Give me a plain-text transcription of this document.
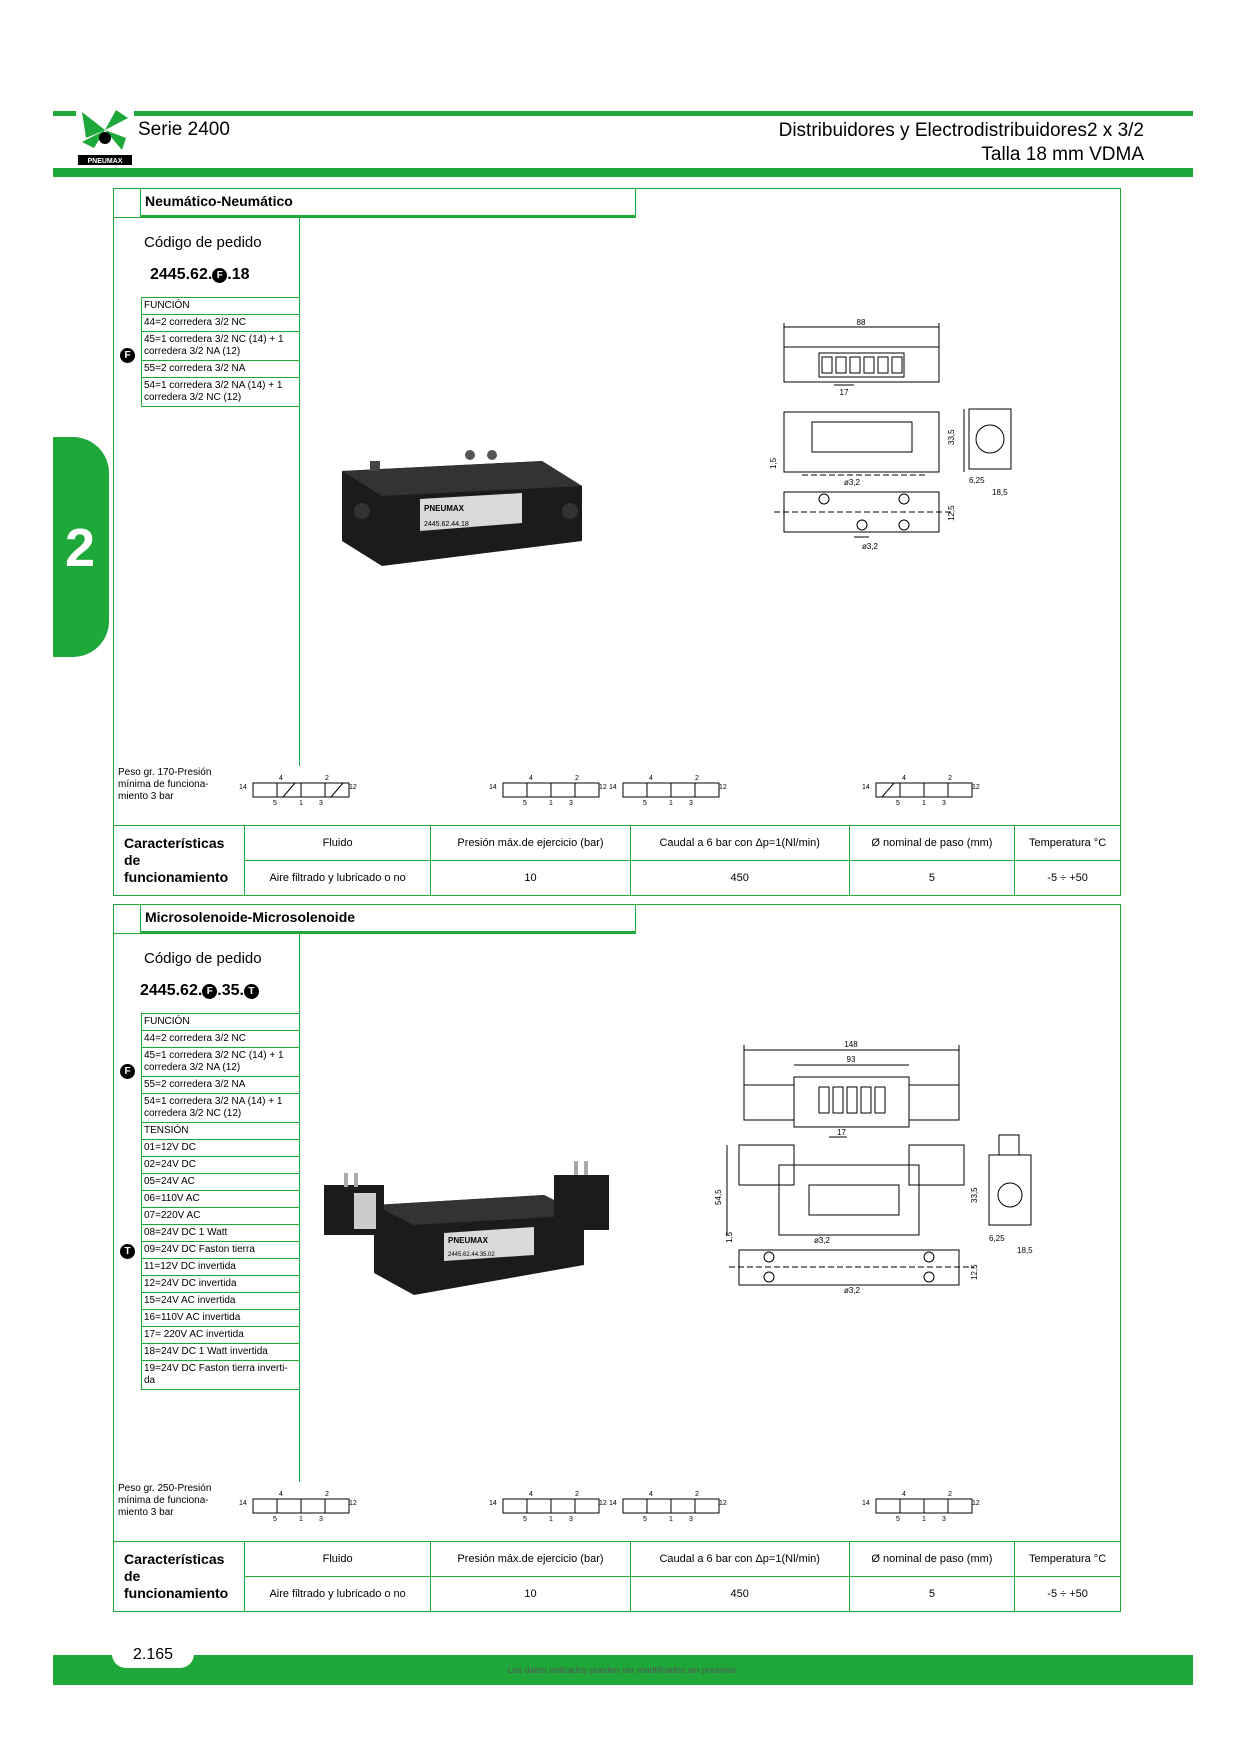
PNEUMAX
Serie 2400	Distribuidores y Electrodistribuidores2 x 3/2
Talla 18 mm VDMA
2
Neumático-Neumático
Código de pedido
2445.62. F .18
FUNCIÓN
44=2 corredera 3/2 NC
45=1 corredera 3/2 NC (14) + 1 corredera 3/2 NA (12)
55=2 corredera 3/2 NA
54=1 corredera 3/2 NA (14) + 1 corredera 3/2 NC (12)
F
PNEUMAX
2445.62.44.18
88
17
33,5
1,5
ø3,2	6,25
18,5
12,5
ø3,2
Peso gr. 170-Presión mínima de funciona-miento 3 bar
14
4	2
12
5	1 3
14
4	2
12 14
4	2
12
5	1 3	5	1 3
14
4	2
12
5	1 3
Características de funcionamiento	Fluido	Presión máx.de ejercicio (bar)	Caudal a 6 bar con Δp=1(Nl/min)	Ø nominal de paso (mm)	Temperatura °C
	Aire filtrado y lubricado o no	10	450	5	-5 ÷ +50
Microsolenoide-Microsolenoide
Código de pedido
2445.62. F .35. T
FUNCIÓN
44=2 corredera 3/2 NC
45=1 corredera 3/2 NC (14) + 1 corredera 3/2 NA (12)
55=2 corredera 3/2 NA
54=1 corredera 3/2 NA (14) + 1 corredera 3/2 NC (12)
TENSIÓN
01=12V DC
02=24V DC
05=24V AC
06=110V AC
07=220V AC
08=24V DC 1 Watt
09=24V DC Faston tierra
11=12V DC invertida
12=24V DC invertida
15=24V AC invertida
16=110V AC invertida
17= 220V AC invertida
18=24V DC 1 Watt invertida
19=24V DC Faston tierra inverti-da
F
T
PNEUMAX
2445.62.44.35.02
148
93
17
54,5	33,5
1,5	ø3,2	6,25
18,5
12,5
ø3,2
Peso gr. 250-Presión mínima de funciona-miento 3 bar
14
4	2
12
5	1 3
14
4	2
12 14
4	2
12
5	1 3	5	1 3
14
4	2
12
5	1 3
Características de funcionamiento	Fluido	Presión máx.de ejercicio (bar)	Caudal a 6 bar con Δp=1(Nl/min)	Ø nominal de paso (mm)	Temperatura °C
	Aire filtrado y lubricado o no	10	450	5	-5 ÷ +50
Los datos indicados pueden ser modificados sin preaviso.
2.165
